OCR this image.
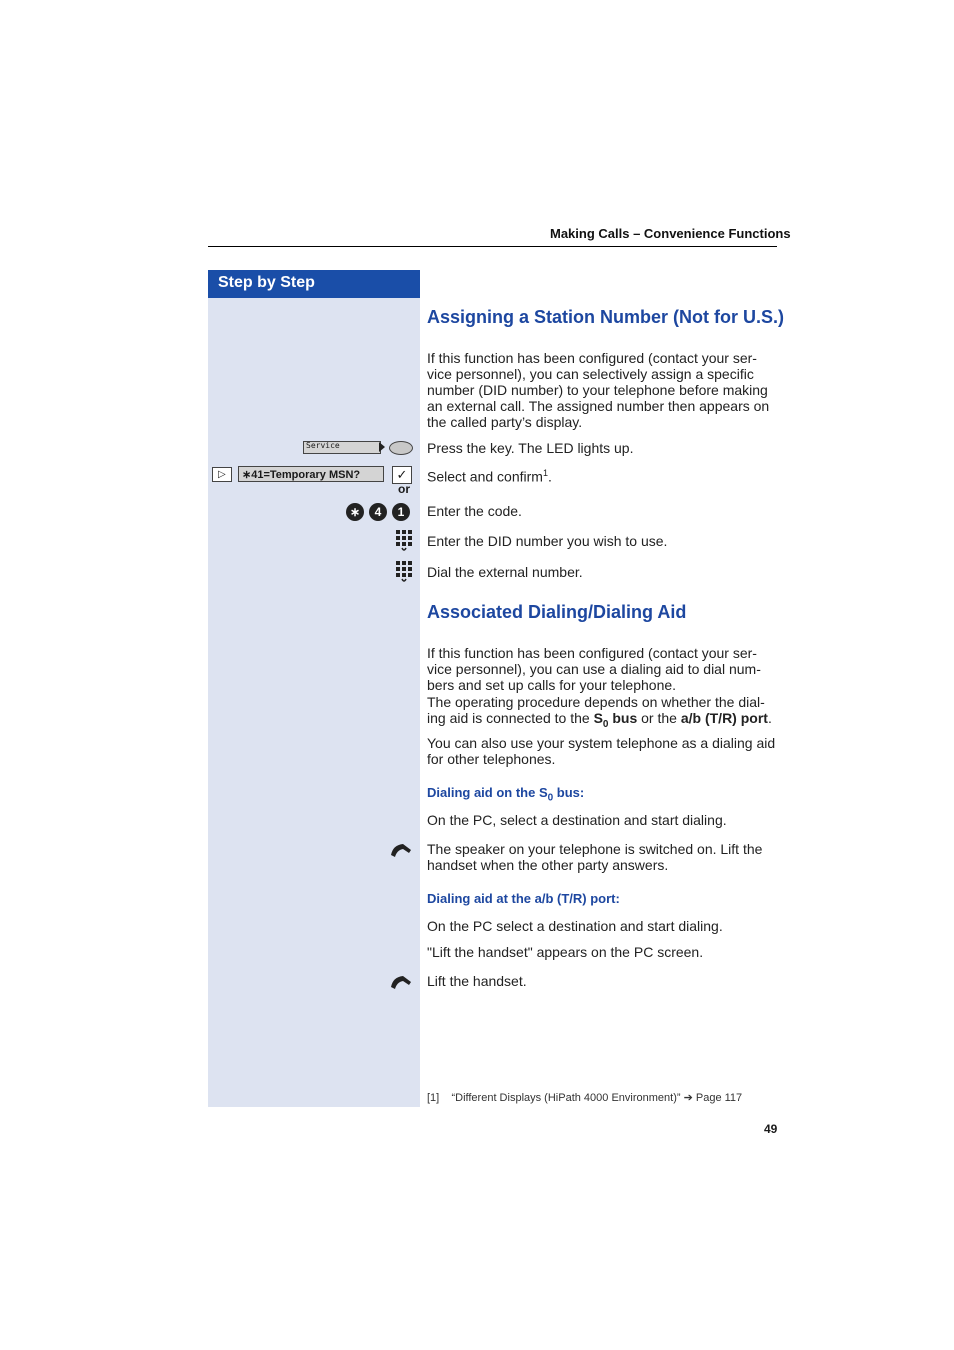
Making Calls – Convenience Functions
Step by Step
Assigning a Station Number (Not for U.S.)
If this function has been configured (contact your ser-vice personnel), you can selectively assign a specific number (DID number) to your telephone before making an external call. The assigned number then appears on the called party’s display.
Service	Press the key. The LED lights up.
▷	∗41=Temporary MSN?	✓	Select and confirm$^1$.
or
∗	4	1	Enter the code.
Enter the DID number you wish to use.
Dial the external number.
Associated Dialing/Dialing Aid
If this function has been configured (contact your ser-vice personnel), you can use a dialing aid to dial num-bers and set up calls for your telephone.
The operating procedure depends on whether the dial-ing aid is connected to the $S_0$ bus or the a/b (T/R) port.
You can also use your system telephone as a dialing aid for other telephones.
Dialing aid on the $S_0$ bus:
On the PC, select a destination and start dialing.
The speaker on your telephone is switched on. Lift the handset when the other party answers.
Dialing aid at the a/b (T/R) port:
On the PC select a destination and start dialing.
"Lift the handset" appears on the PC screen.
Lift the handset.
[1] “Different Displays (HiPath 4000 Environment)” ➔ Page 117
49
